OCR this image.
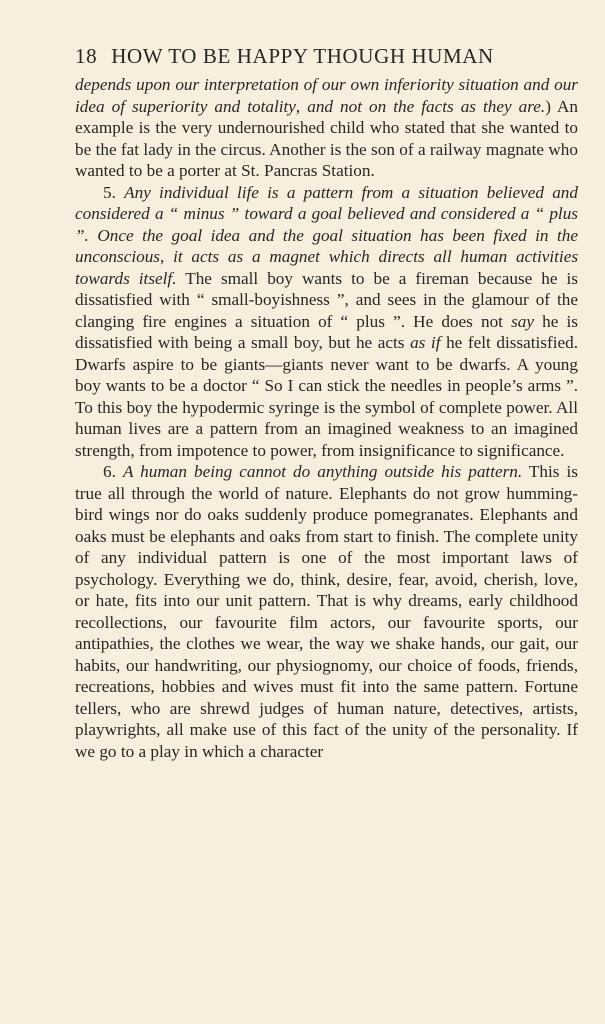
18 HOW TO BE HAPPY THOUGH HUMAN

depends upon our interpretation of our own inferiority situation and our idea of superiority and totality, and not on the facts as they are.) An example is the very undernourished child who stated that she wanted to be the fat lady in the circus. Another is the son of a railway magnate who wanted to be a porter at St. Pancras Station.

5. Any individual life is a pattern from a situation believed and considered a “ minus ” toward a goal believed and considered a “ plus ”. Once the goal idea and the goal situation has been fixed in the unconscious, it acts as a magnet which directs all human activities towards itself. The small boy wants to be a fireman because he is dissatisfied with “ small-boyishness ”, and sees in the glamour of the clanging fire engines a situation of “ plus ”. He does not say he is dissatisfied with being a small boy, but he acts as if he felt dissatisfied. Dwarfs aspire to be giants—giants never want to be dwarfs. A young boy wants to be a doctor “ So I can stick the needles in people’s arms ”. To this boy the hypodermic syringe is the symbol of complete power. All human lives are a pattern from an imagined weakness to an imagined strength, from impotence to power, from insignificance to significance.

6. A human being cannot do anything outside his pattern. This is true all through the world of nature. Elephants do not grow humming-bird wings nor do oaks suddenly produce pomegranates. Elephants and oaks must be elephants and oaks from start to finish. The complete unity of any individual pattern is one of the most important laws of psychology. Everything we do, think, desire, fear, avoid, cherish, love, or hate, fits into our unit pattern. That is why dreams, early childhood recollections, our favourite film actors, our favourite sports, our antipathies, the clothes we wear, the way we shake hands, our gait, our habits, our handwriting, our physiognomy, our choice of foods, friends, recreations, hobbies and wives must fit into the same pattern. Fortune tellers, who are shrewd judges of human nature, detectives, artists, playwrights, all make use of this fact of the unity of the personality. If we go to a play in which a character
